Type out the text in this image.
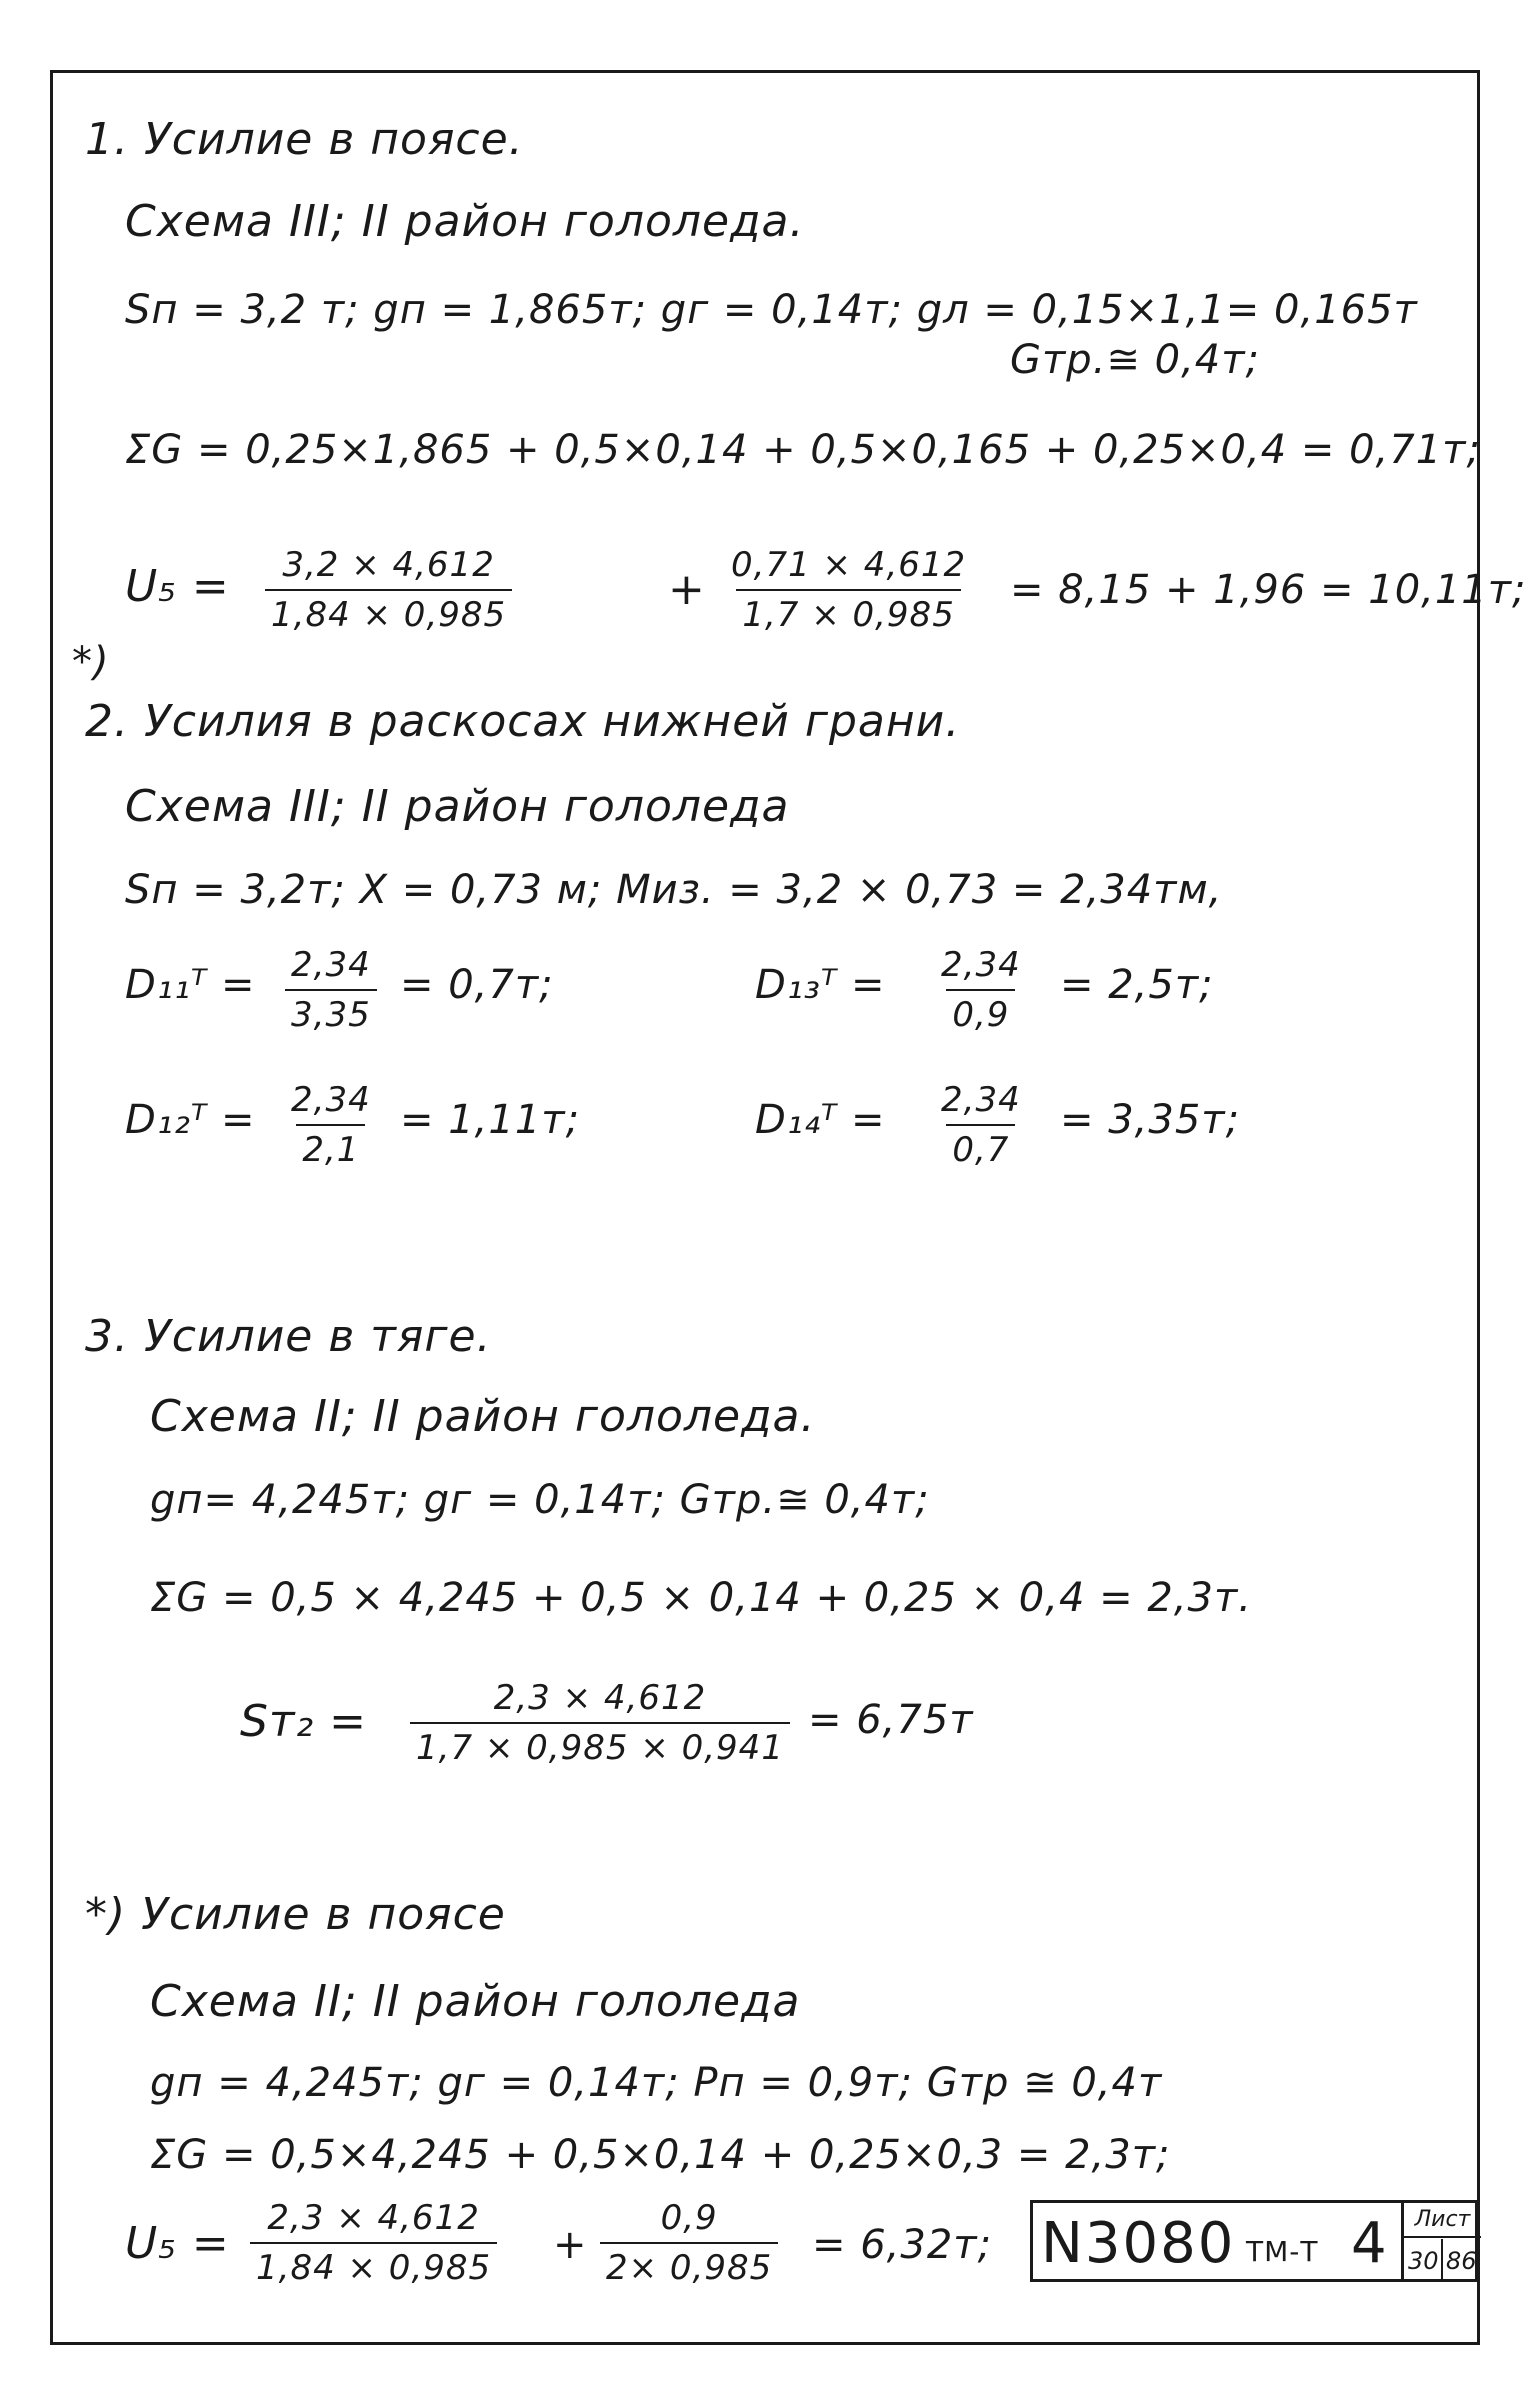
1. Усилие в поясе.
Схема III; II район гололеда.
Sп = 3,2 т; gп = 1,865т; gг = 0,14т; gл = 0,15×1,1= 0,165т
Gтр.≅ 0,4т;
ΣG = 0,25×1,865 + 0,5×0,14 + 0,5×0,165 + 0,25×0,4 = 0,71т;
$U_5 = \frac{3,2 \times 4,612}{1,84 \times 0,985}$	+ $\frac{0,71 \times 4,612}{1,7 \times 0,985} = 8,15 + 1,96 = 10,11т$;
*)
2. Усилия в раскосах нижней грани.
Схема III; II район гололеда
Sп = 3,2т; X = 0,73 м; Mиз. = 3,2 × 0,73 = 2,34тм,
D₁₁ᵀ = $\frac{2,34}{3,35} = 0,7т$;	D₁₃ᵀ = $\frac{2,34}{0,9} = 2,5т$;
D₁₂ᵀ = $\frac{2,34}{2,1} = 1,11т$;	D₁₄ᵀ = $\frac{2,34}{0,7} = 3,35т$;
3. Усилие в тяге.
Схема II; II район гололеда.
gп= 4,245т; gг = 0,14т; Gтр.≅ 0,4т;
ΣG = 0,5 × 4,245 + 0,5 × 0,14 + 0,25 × 0,4 = 2,3т.
$Sт_2 = \frac{2,3 \times 4,612}{1,7 \times 0,985 \times 0,941} = 6,75т$
*) Усилие в поясе
Схема II; II район гололеда
gп = 4,245т; gг = 0,14т; Pп = 0,9т; Gтр ≅ 0,4т
ΣG = 0,5×4,245 + 0,5×0,14 + 0,25×0,3 = 2,3т;
$U_5 = \frac{2,3 \times 4,612}{1,84 \times 0,985} + \frac{0,9}{2\times 0,985} = 6,32т$; N3080 ТМ-Т 4	Лист
30 86
